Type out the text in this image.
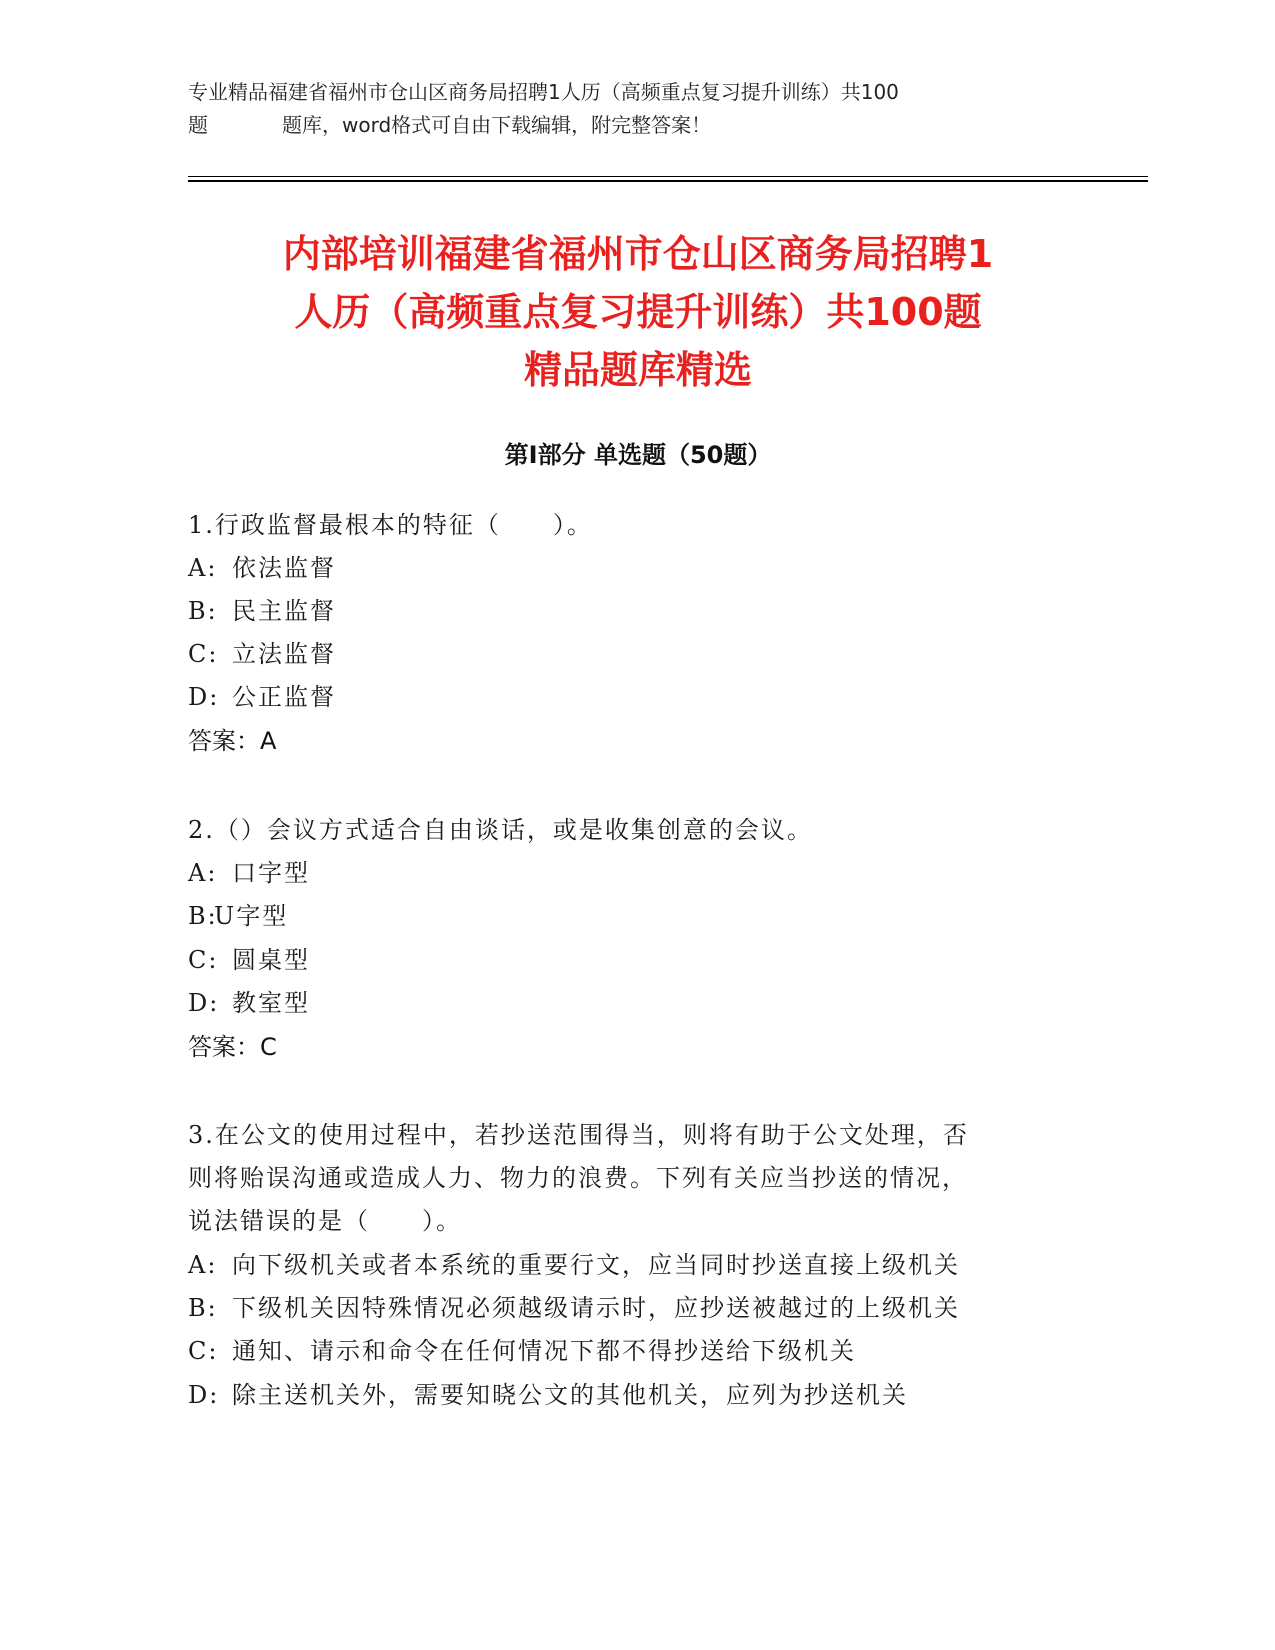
专业精品福建省福州市仓山区商务局招聘1人历（高频重点复习提升训练）共100
题	题库，word格式可自由下载编辑，附完整答案！
内部培训福建省福州市仓山区商务局招聘1
人历（高频重点复习提升训练）共100题
精品题库精选
第Ⅰ部分 单选题（50题）
1.行政监督最根本的特征（　　）。
A: 依法监督
B: 民主监督
C: 立法监督
D: 公正监督
答案：A
2.（）会议方式适合自由谈话，或是收集创意的会议。
A: 口字型
B:U字型
C: 圆桌型
D: 教室型
答案：C
3.在公文的使用过程中，若抄送范围得当，则将有助于公文处理，否
则将贻误沟通或造成人力、物力的浪费。下列有关应当抄送的情况，
说法错误的是（　　）。
A: 向下级机关或者本系统的重要行文，应当同时抄送直接上级机关
B: 下级机关因特殊情况必须越级请示时，应抄送被越过的上级机关
C: 通知、请示和命令在任何情况下都不得抄送给下级机关
D: 除主送机关外，需要知晓公文的其他机关，应列为抄送机关
